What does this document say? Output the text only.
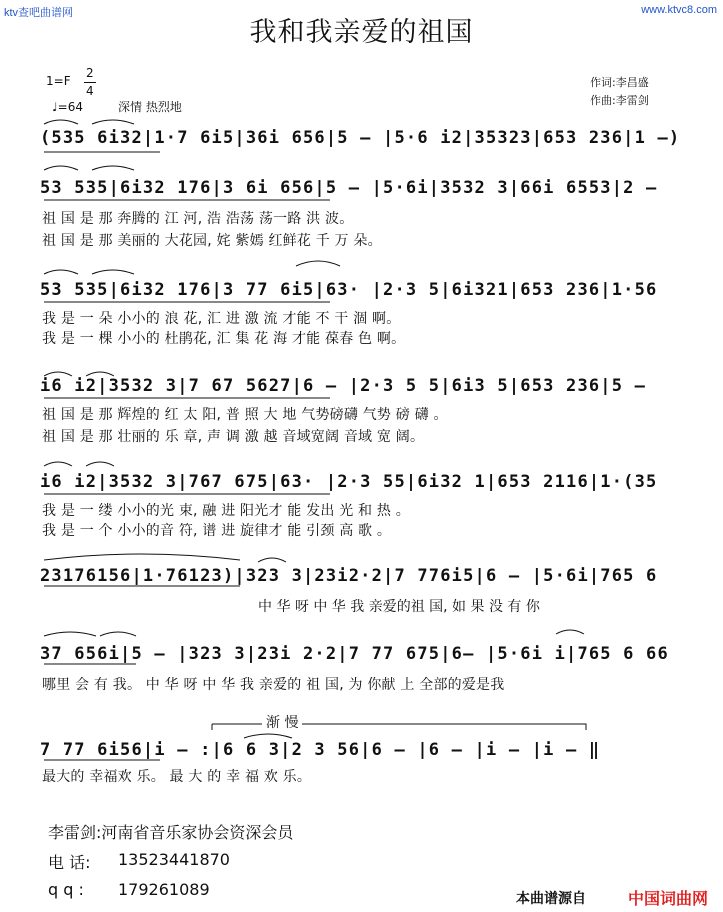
ktv查吧曲谱网	www.ktvc8.com
我和我亲爱的祖国
1=F
2
4
♩=64	深情 热烈地
作词:李昌盛
作曲:李雷剑
渐 慢
(535 6i32|1·7 6i5|36i 656|5 – |5·6 i2|35323|653 236|1 –)
53 535|6i32 176|3 6i 656|5 – |5·6i|3532 3|66i 6553|2 –
祖 国 是 那 奔腾的 江 河, 浩 浩荡 荡一路 洪 波。
祖 国 是 那 美丽的 大花园, 姹 紫嫣 红鲜花 千 万 朵。
53 535|6i32 176|3 77 6i5|63· |2·3 5|6i321|653 236|1·56
我 是 一 朵 小小的 浪 花, 汇 进 激 流 才能 不 干 涸 啊。
我 是 一 棵 小小的 杜鹃花, 汇 集 花 海 才能 葆春 色 啊。
i6 i2|3532 3|7 67 5627|6 – |2·3 5 5|6i3 5|653 236|5 –
祖 国 是 那 辉煌的 红 太 阳, 普 照 大 地 气势磅礴 气势 磅 礴 。
祖 国 是 那 壮丽的 乐 章, 声 调 激 越 音域宽阔 音域 宽 阔。
i6 i2|3532 3|767 675|63· |2·3 55|6i32 1|653 2116|1·(35
我 是 一 缕 小小的光 束, 融 进 阳光才 能 发出 光 和 热 。
我 是 一 个 小小的音 符, 谱 进 旋律才 能 引颈 高 歌 。
23176156|1·76123)|323 3|23i2·2|7 776i5|6 – |5·6i|765 6
中 华 呀 中 华 我 亲爱的祖 国, 如 果 没 有 你
37 656i|5 – |323 3|23i 2·2|7 77 675|6– |5·6i i|765 6 66
哪里 会 有 我。 中 华 呀 中 华 我 亲爱的 祖 国, 为 你献 上 全部的爱是我
7 77 6i56|i – :|6 6 3|2 3 56|6 – |6 – |i – |i – ‖
最大的 幸福欢 乐。 最 大 的 幸 福 欢 乐。
李雷剑:河南省音乐家协会资深会员
电 话: 13523441870
q q : 179261089	本曲谱源自	中国词曲网
